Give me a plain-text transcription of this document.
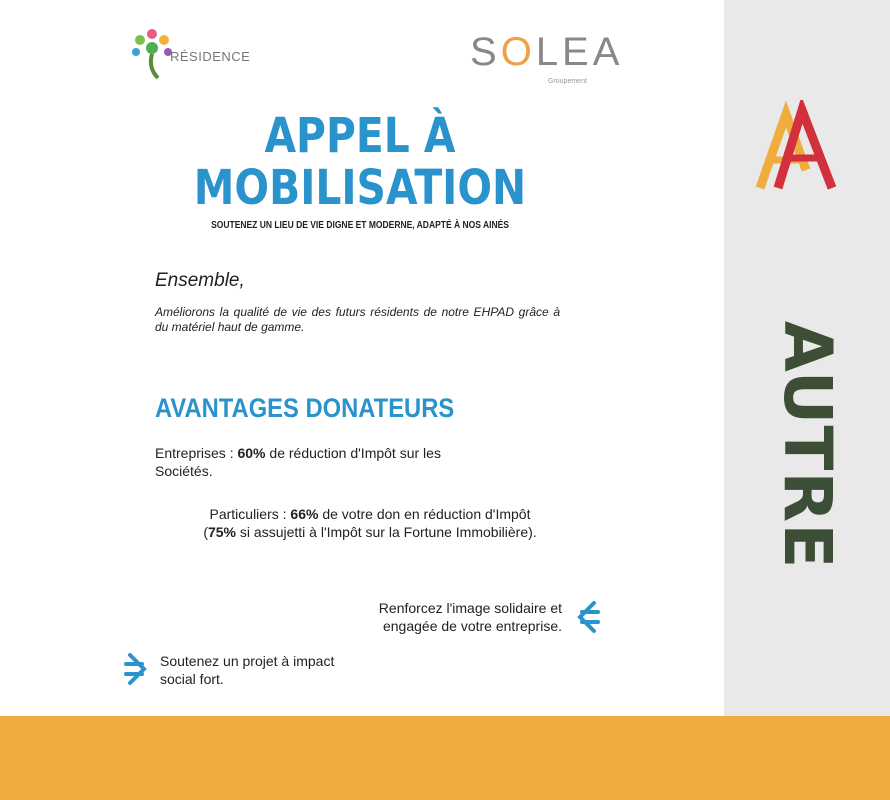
RÉSIDENCE	SOLEA
Groupement
APPEL À
MOBILISATION
SOUTENEZ UN LIEU DE VIE DIGNE ET MODERNE, ADAPTÉ À NOS AINÉS
Ensemble,
Améliorons la qualité de vie des futurs résidents de notre EHPAD grâce à du matériel haut de gamme.
AVANTAGES DONATEURS
Entreprises : 60% de réduction d'Impôt sur les Sociétés.
Particuliers : 66% de votre don en réduction d'Impôt
(75% si assujetti à l'Impôt sur la Fortune Immobilière).
Renforcez l'image solidaire et engagée de votre entreprise.
Soutenez un projet à impact social fort.
AUTRE
